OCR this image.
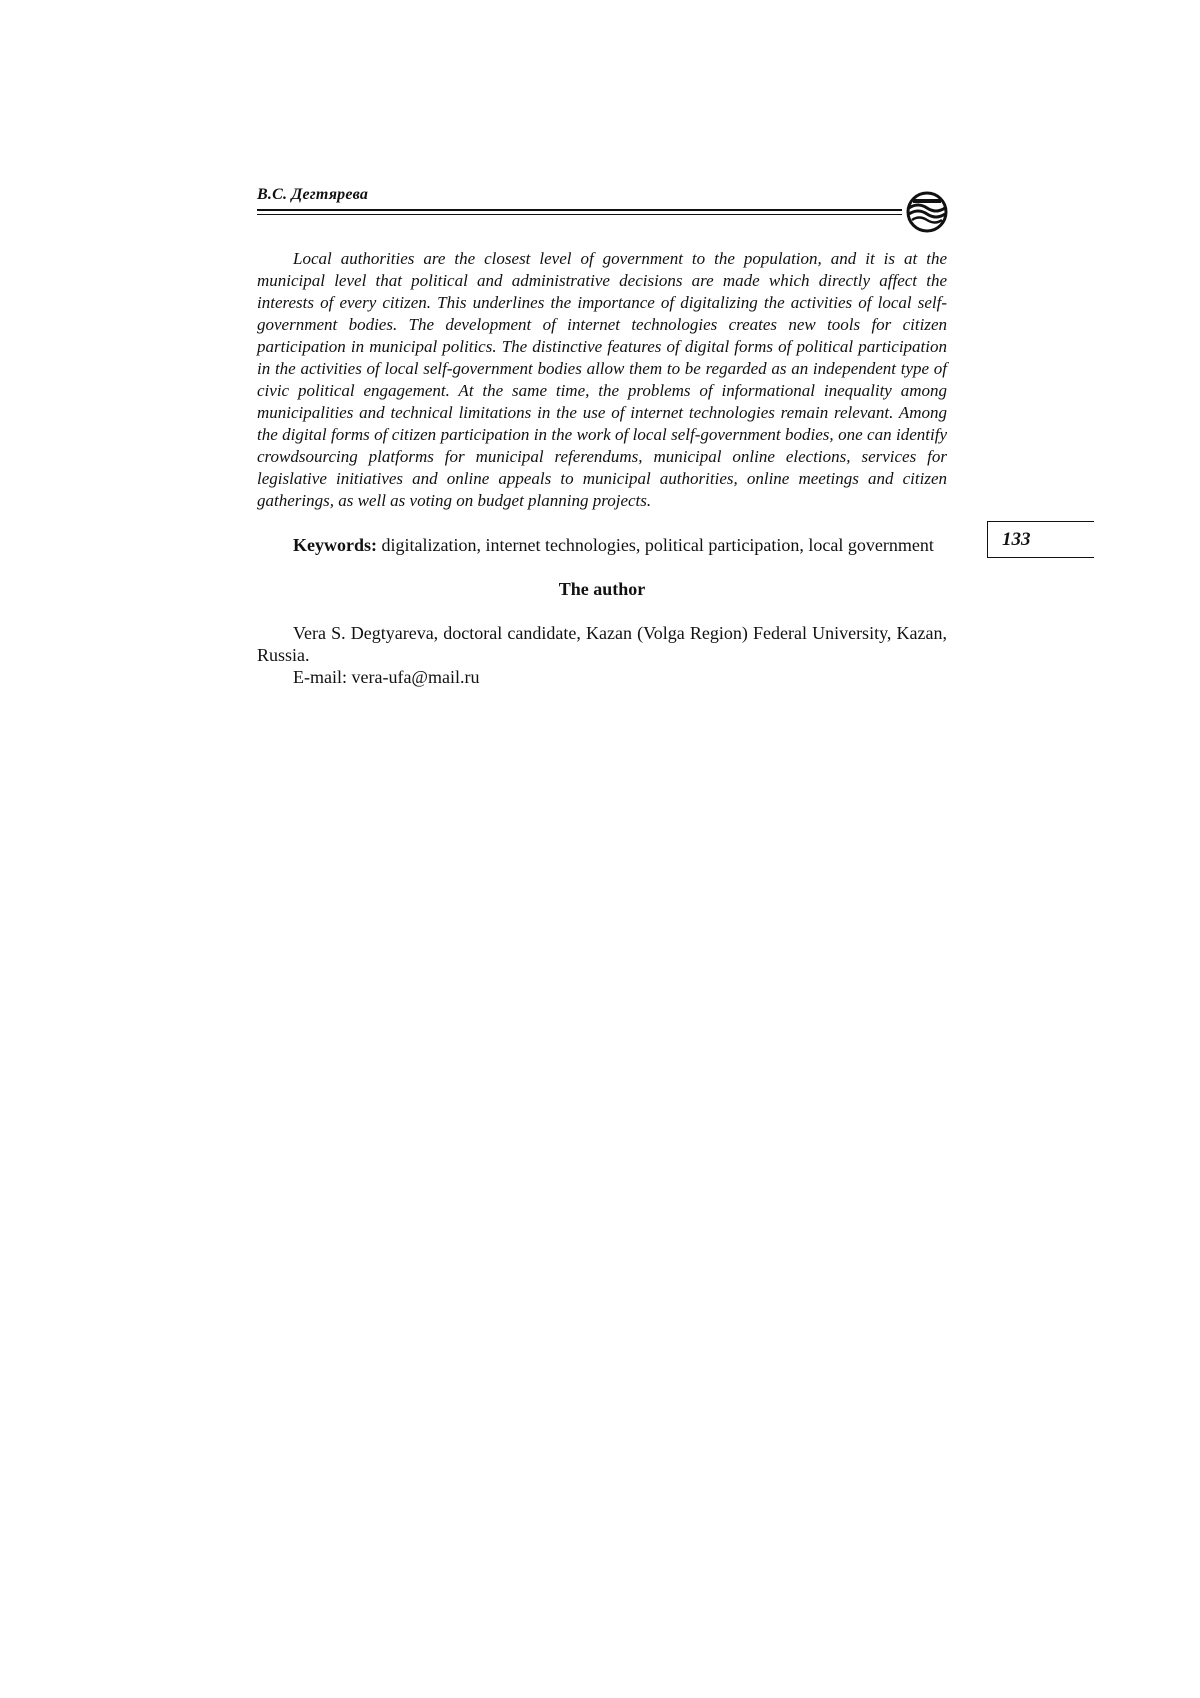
В.С. Дегтярева

Local authorities are the closest level of government to the population, and it is at the municipal level that political and administrative decisions are made which directly affect the interests of every citizen. This underlines the importance of digitalizing the activities of local self-government bodies. The development of internet technologies creates new tools for citizen participation in municipal politics. The distinctive features of digital forms of political participation in the activities of local self-government bodies allow them to be regarded as an independent type of civic political engagement. At the same time, the problems of informational inequality among municipalities and technical limitations in the use of internet technologies remain relevant. Among the digital forms of citizen participation in the work of local self-government bodies, one can identify crowdsourcing platforms for municipal referendums, municipal online elections, services for legislative initiatives and online appeals to municipal authorities, online meetings and citizen gatherings, as well as voting on budget planning projects.

Keywords: digitalization, internet technologies, political participation, local government

The author

Vera S. Degtyareva, doctoral candidate, Kazan (Volga Region) Federal University, Kazan, Russia.

E-mail: vera-ufa@mail.ru

133
